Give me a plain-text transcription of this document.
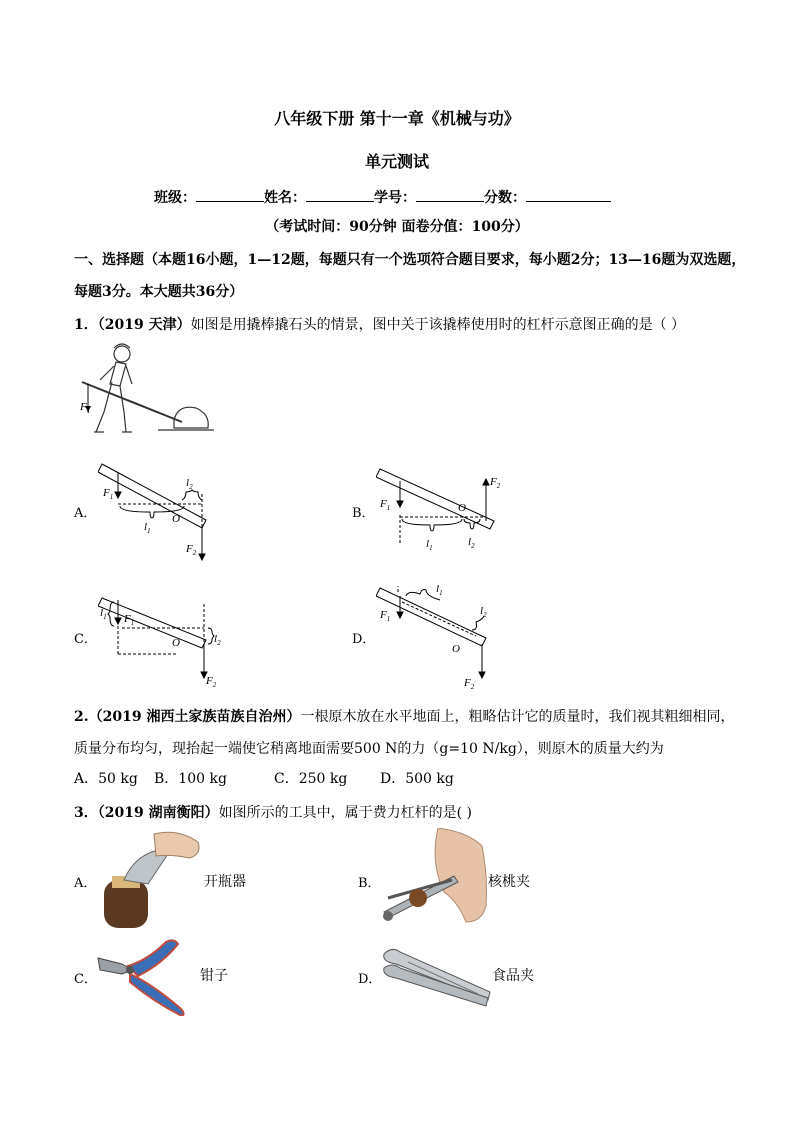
八年级下册 第十一章《机械与功》
单元测试
班级：	姓名：	学号：	分数：
（考试时间：90分钟 面卷分值：100分）
一、选择题（本题16小题，1—12题，每题只有一个选项符合题目要求，每小题2分；13—16题为双选题，
每题3分。本大题共36分）
1．（2019 天津）如图是用撬棒撬石头的情景，图中关于该撬棒使用时的杠杆示意图正确的是（ ）
$F_1$
A．
$F_1$
$F_2$
$l_1$
$l_2$
O	B．
$F_1$
$F_2$
$l_1$	$l_2$
O
C．
$l_1$ $F_1$
$F_2$
$l_2$
O	D．
$F_1$
$F_2$
$l_1$
$l_2$
O
2.（2019 湘西土家族苗族自治州）一根原木放在水平地面上，粗略估计它的质量时，我们视其粗细相同，
质量分布均匀，现抬起一端使它稍离地面需要500 N的力（g=10 N/kg），则原木的质量大约为
A．50 kg B．100 kg	C．250 kg D．500 kg
3．（2019 湖南衡阳）如图所示的工具中，属于费力杠杆的是( )
A．	开瓶器	B．	核桃夹
C．	钳子	D．	食品夹
